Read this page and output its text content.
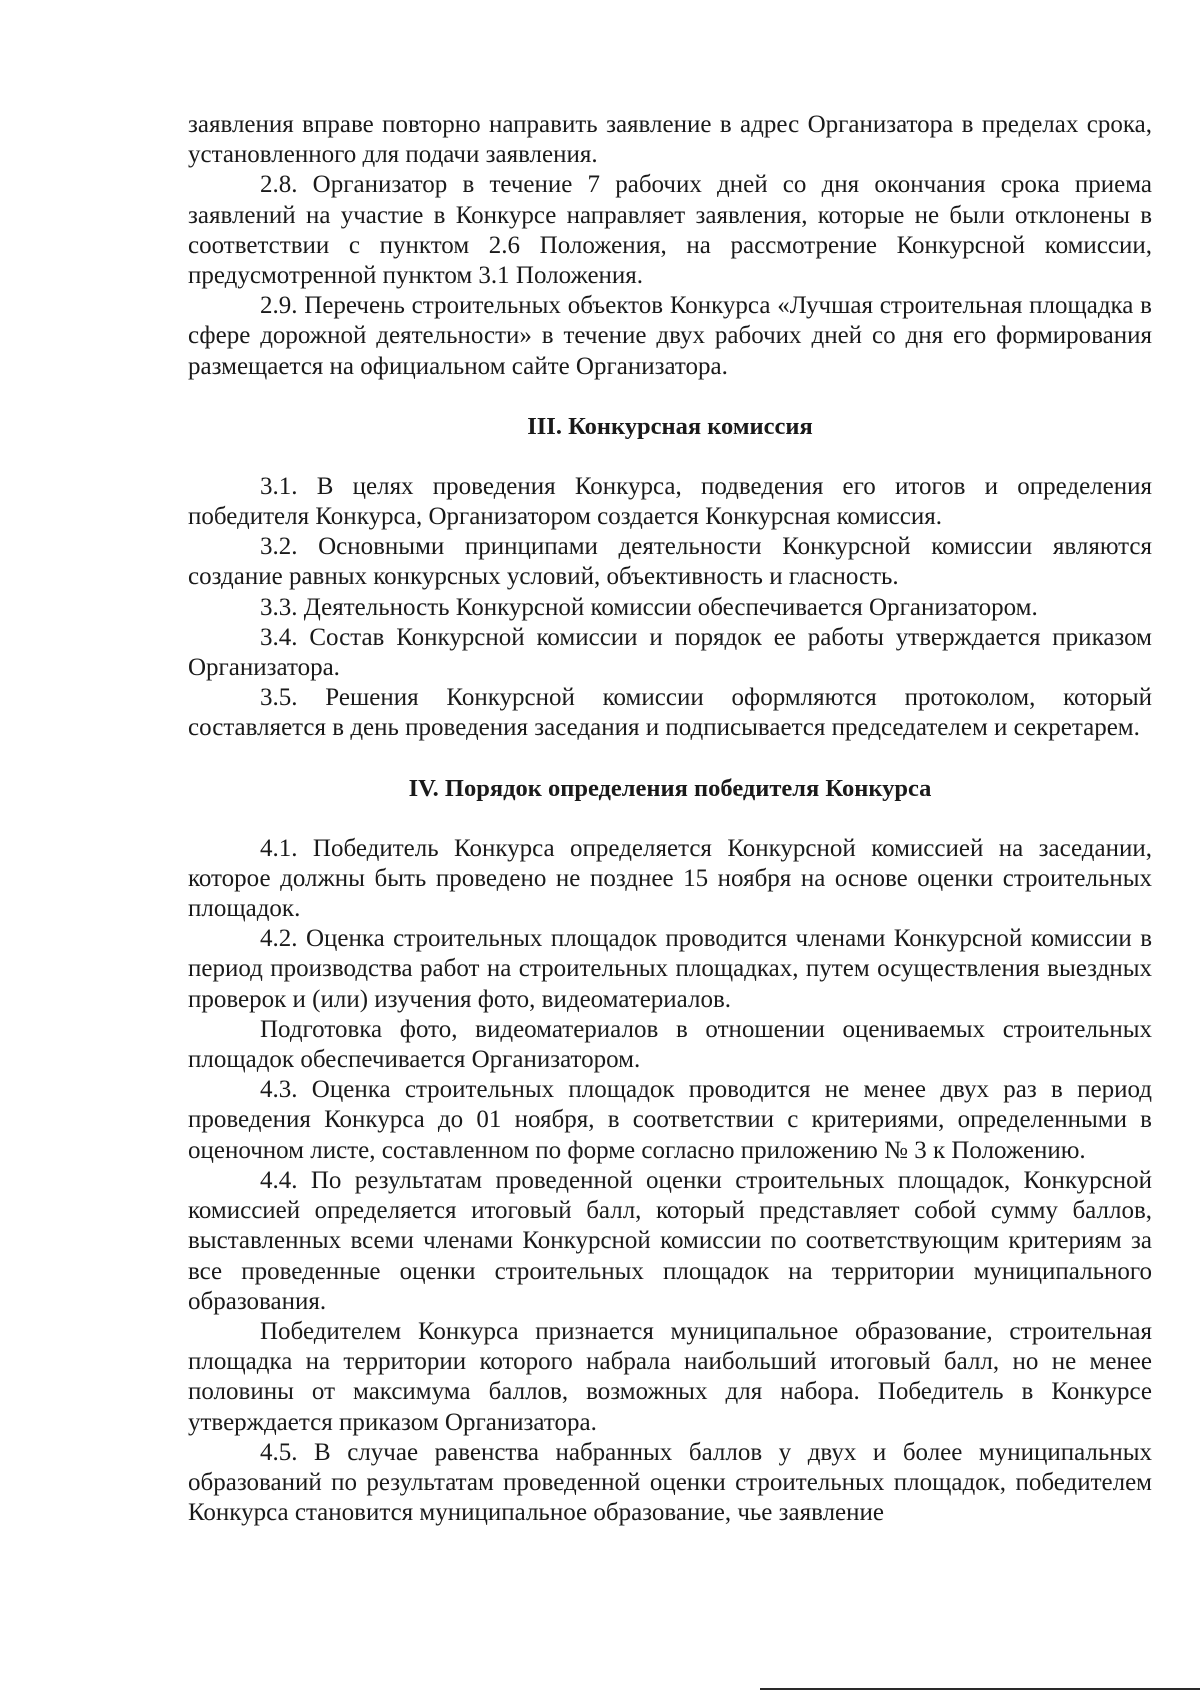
заявления вправе повторно направить заявление в адрес Организатора в пределах срока, установленного для подачи заявления.

2.8. Организатор в течение 7 рабочих дней со дня окончания срока приема заявлений на участие в Конкурсе направляет заявления, которые не были отклонены в соответствии с пунктом 2.6 Положения, на рассмотрение Конкурсной комиссии, предусмотренной пунктом 3.1 Положения.

2.9. Перечень строительных объектов Конкурса «Лучшая строительная площадка в сфере дорожной деятельности» в течение двух рабочих дней со дня его формирования размещается на официальном сайте Организатора.

III. Конкурсная комиссия

3.1. В целях проведения Конкурса, подведения его итогов и определения победителя Конкурса, Организатором создается Конкурсная комиссия.

3.2. Основными принципами деятельности Конкурсной комиссии являются создание равных конкурсных условий, объективность и гласность.

3.3. Деятельность Конкурсной комиссии обеспечивается Организатором.

3.4. Состав Конкурсной комиссии и порядок ее работы утверждается приказом Организатора.

3.5. Решения Конкурсной комиссии оформляются протоколом, который составляется в день проведения заседания и подписывается председателем и секретарем.

IV. Порядок определения победителя Конкурса

4.1. Победитель Конкурса определяется Конкурсной комиссией на заседании, которое должны быть проведено не позднее 15 ноября на основе оценки строительных площадок.

4.2. Оценка строительных площадок проводится членами Конкурсной комиссии в период производства работ на строительных площадках, путем осуществления выездных проверок и (или) изучения фото, видеоматериалов.

Подготовка фото, видеоматериалов в отношении оцениваемых строительных площадок обеспечивается Организатором.

4.3. Оценка строительных площадок проводится не менее двух раз в период проведения Конкурса до 01 ноября, в соответствии с критериями, определенными в оценочном листе, составленном по форме согласно приложению № 3 к Положению.

4.4. По результатам проведенной оценки строительных площадок, Конкурсной комиссией определяется итоговый балл, который представляет собой сумму баллов, выставленных всеми членами Конкурсной комиссии по соответствующим критериям за все проведенные оценки строительных площадок на территории муниципального образования.

Победителем Конкурса признается муниципальное образование, строительная площадка на территории которого набрала наибольший итоговый балл, но не менее половины от максимума баллов, возможных для набора. Победитель в Конкурсе утверждается приказом Организатора.

4.5. В случае равенства набранных баллов у двух и более муниципальных образований по результатам проведенной оценки строительных площадок, победителем Конкурса становится муниципальное образование, чье заявление
